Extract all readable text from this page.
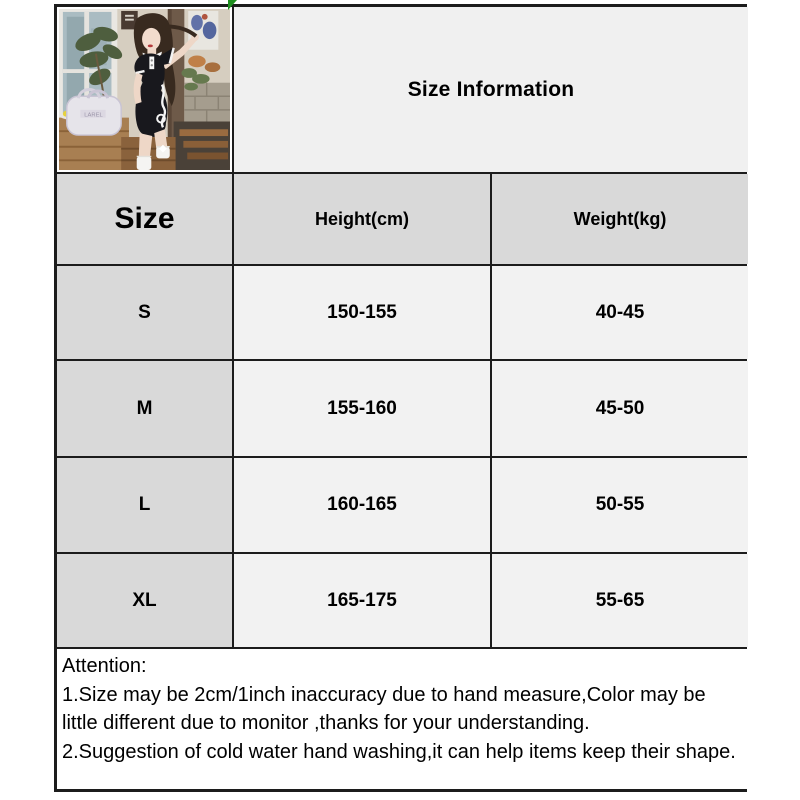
LAREL
Size Information
Size	Height(cm)	Weight(kg)
S	150-155	40-45
M	155-160	45-50
L	160-165	50-55
XL	165-175	55-65

Attention:

1.Size may be 2cm/1inch inaccuracy due to hand measure,Color may be little different due to monitor ,thanks for your understanding.

2.Suggestion of cold water hand washing,it can help items keep their shape.
